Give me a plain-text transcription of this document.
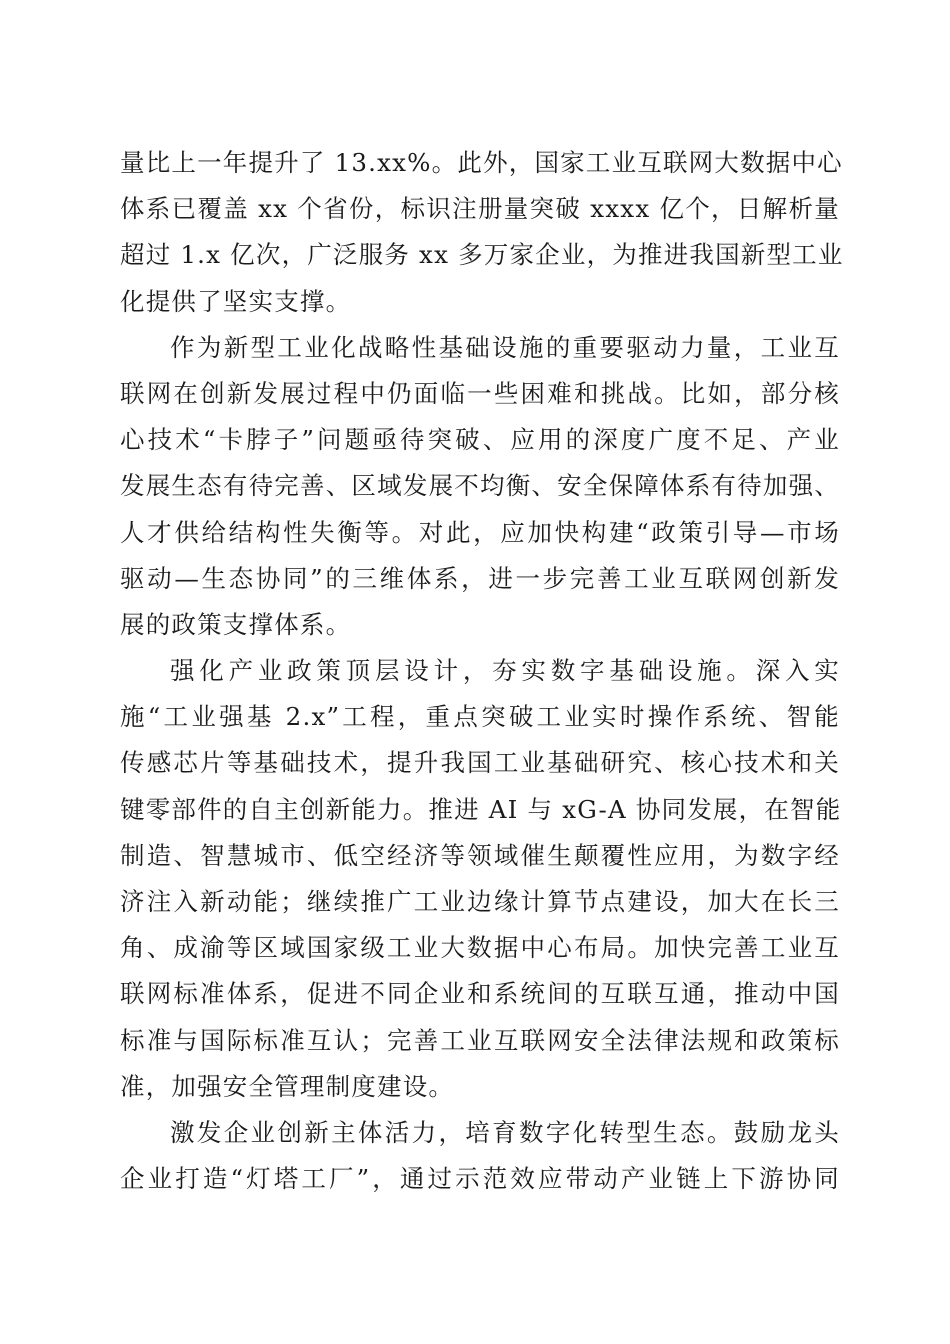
量比上一年提升了 13.xx%。此外，国家工业互联网大数据中心
体系已覆盖 xx 个省份，标识注册量突破 xxxx 亿个，日解析量
超过 1.x 亿次，广泛服务 xx 多万家企业，为推进我国新型工业
化提供了坚实支撑。
作为新型工业化战略性基础设施的重要驱动力量，工业互
联网在创新发展过程中仍面临一些困难和挑战。比如，部分核
心技术“卡脖子”问题亟待突破、应用的深度广度不足、产业
发展生态有待完善、区域发展不均衡、安全保障体系有待加强、
人才供给结构性失衡等。对此，应加快构建“政策引导—市场
驱动—生态协同”的三维体系，进一步完善工业互联网创新发
展的政策支撑体系。
强化产业政策顶层设计，夯实数字基础设施。深入实
施“工业强基 2.x”工程，重点突破工业实时操作系统、智能
传感芯片等基础技术，提升我国工业基础研究、核心技术和关
键零部件的自主创新能力。推进 AI 与 xG-A 协同发展，在智能
制造、智慧城市、低空经济等领域催生颠覆性应用，为数字经
济注入新动能；继续推广工业边缘计算节点建设，加大在长三
角、成渝等区域国家级工业大数据中心布局。加快完善工业互
联网标准体系，促进不同企业和系统间的互联互通，推动中国
标准与国际标准互认；完善工业互联网安全法律法规和政策标
准，加强安全管理制度建设。
激发企业创新主体活力，培育数字化转型生态。鼓励龙头
企业打造“灯塔工厂”，通过示范效应带动产业链上下游协同
